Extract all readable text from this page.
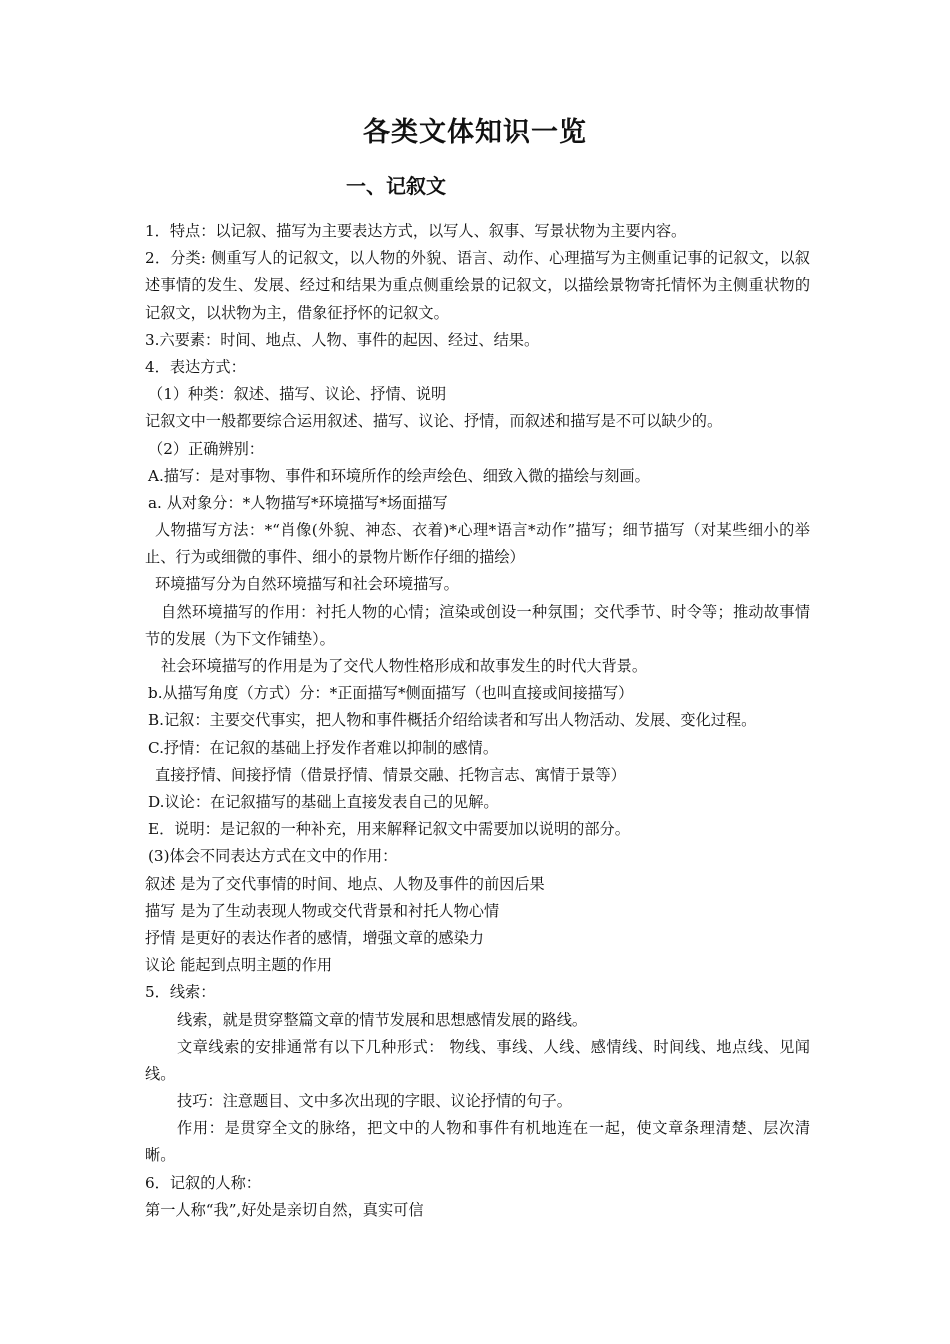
各类文体知识一览
一、记叙文
1．特点：以记叙、描写为主要表达方式，以写人、叙事、写景状物为主要内容。
2．分类: 侧重写人的记叙文，以人物的外貌、语言、动作、心理描写为主侧重记事的记叙文，以叙述事情的发生、发展、经过和结果为重点侧重绘景的记叙文，以描绘景物寄托情怀为主侧重状物的记叙文，以状物为主，借象征抒怀的记叙文。
3.六要素：时间、地点、人物、事件的起因、经过、结果。
4．表达方式：
（1）种类：叙述、描写、议论、抒情、说明
记叙文中一般都要综合运用叙述、描写、议论、抒情，而叙述和描写是不可以缺少的。
（2）正确辨别：
A.描写：是对事物、事件和环境所作的绘声绘色、细致入微的描绘与刻画。
a. 从对象分：*人物描写*环境描写*场面描写
人物描写方法：*“肖像(外貌、神态、衣着)*心理*语言*动作”描写；细节描写（对某些细小的举止、行为或细微的事件、细小的景物片断作仔细的描绘）
环境描写分为自然环境描写和社会环境描写。
自然环境描写的作用：衬托人物的心情；渲染或创设一种氛围；交代季节、时令等；推动故事情节的发展（为下文作铺垫）。
社会环境描写的作用是为了交代人物性格形成和故事发生的时代大背景。
b.从描写角度（方式）分：*正面描写*侧面描写（也叫直接或间接描写）
B.记叙：主要交代事实，把人物和事件概括介绍给读者和写出人物活动、发展、变化过程。
C.抒情：在记叙的基础上抒发作者难以抑制的感情。
直接抒情、间接抒情（借景抒情、情景交融、托物言志、寓情于景等）
D.议论：在记叙描写的基础上直接发表自己的见解。
E．说明：是记叙的一种补充，用来解释记叙文中需要加以说明的部分。
(3)体会不同表达方式在文中的作用：
叙述 是为了交代事情的时间、地点、人物及事件的前因后果
描写 是为了生动表现人物或交代背景和衬托人物心情
抒情 是更好的表达作者的感情，增强文章的感染力
议论 能起到点明主题的作用
5．线索：
线索，就是贯穿整篇文章的情节发展和思想感情发展的路线。
文章线索的安排通常有以下几种形式： 物线、事线、人线、感情线、时间线、地点线、见闻线。
技巧：注意题目、文中多次出现的字眼、议论抒情的句子。
作用：是贯穿全文的脉络，把文中的人物和事件有机地连在一起，使文章条理清楚、层次清晰。
6．记叙的人称：
第一人称“我”,好处是亲切自然，真实可信
